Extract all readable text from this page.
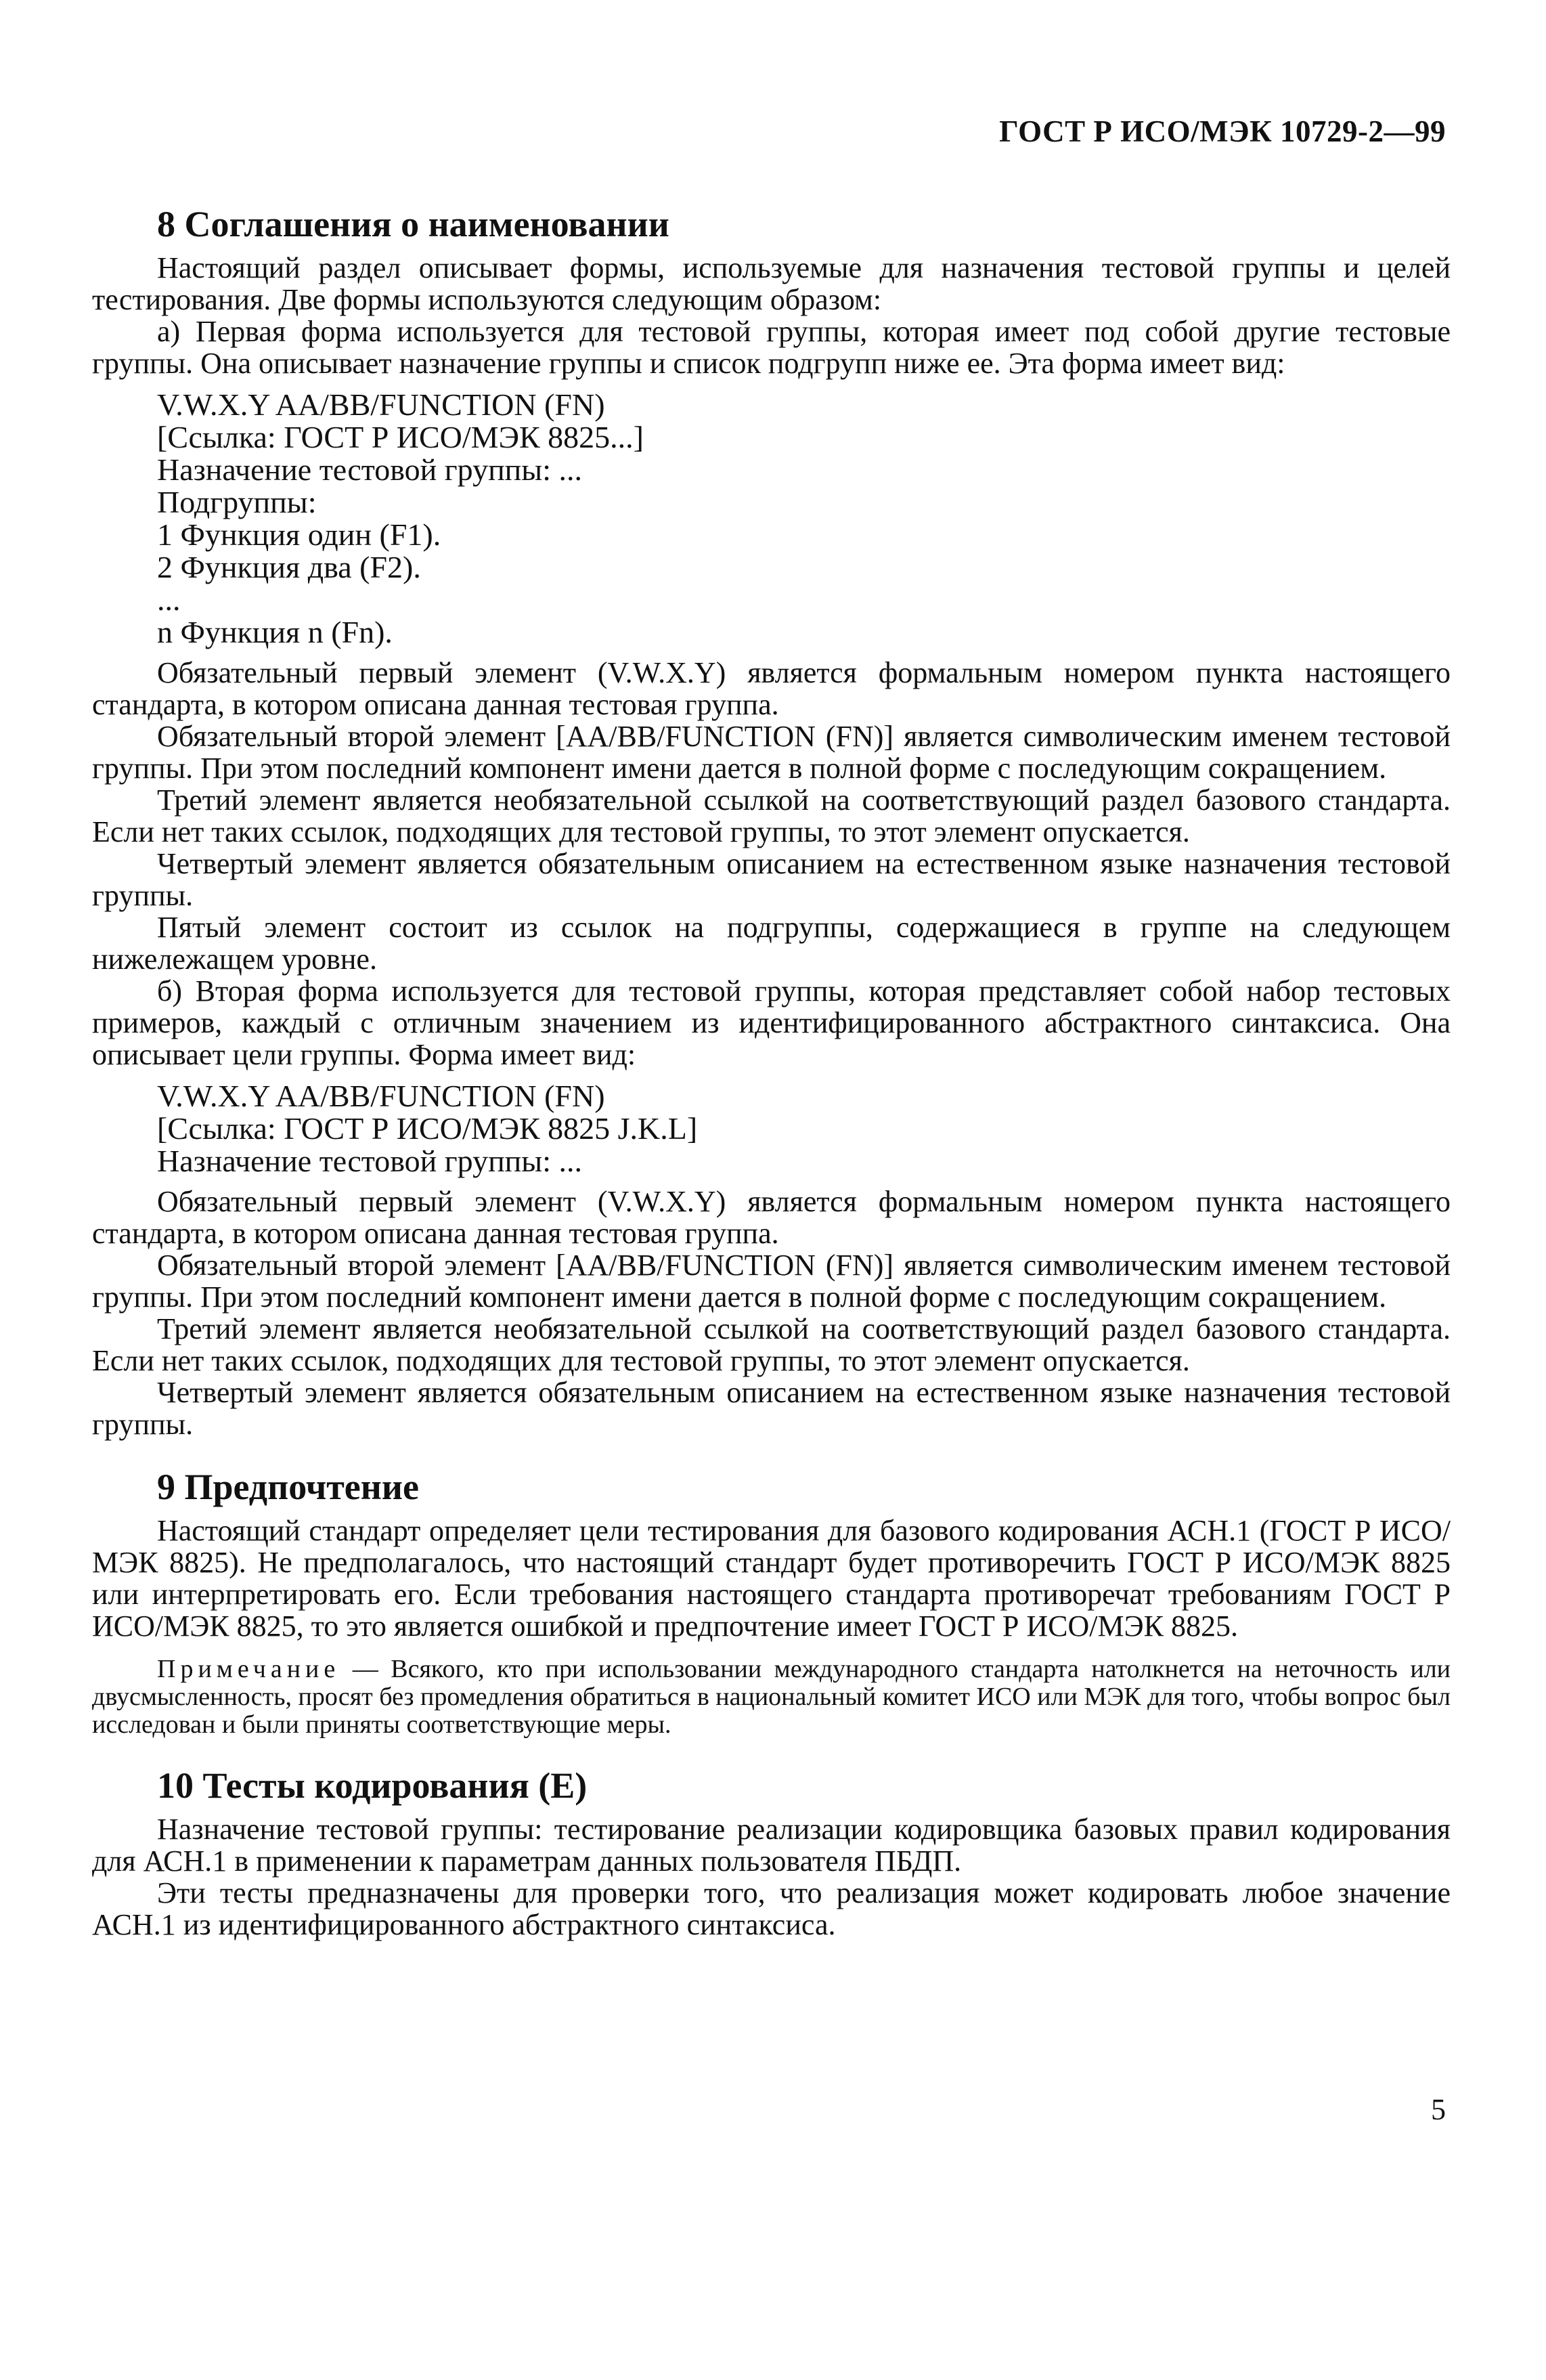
ГОСТ Р ИСО/МЭК 10729-2—99
8 Соглашения о наименовании

Настоящий раздел описывает формы, используемые для назначения тестовой группы и целей тестирования. Две формы используются следующим образом:

а) Первая форма используется для тестовой группы, которая имеет под собой другие тестовые группы. Она описывает назначение группы и список подгрупп ниже ее. Эта форма имеет вид:

V.W.X.Y AA/BB/FUNCTION (FN)
[Ссылка: ГОСТ Р ИСО/МЭК 8825...]
Назначение тестовой группы: ...
Подгруппы:
1 Функция один (F1).
2 Функция два (F2).
...
n Функция n (Fn).

Обязательный первый элемент (V.W.X.Y) является формальным номером пункта настоящего стандарта, в котором описана данная тестовая группа.

Обязательный второй элемент [AA/BB/FUNCTION (FN)] является символическим именем тестовой группы. При этом последний компонент имени дается в полной форме с последующим сокращением.

Третий элемент является необязательной ссылкой на соответствующий раздел базового стандарта. Если нет таких ссылок, подходящих для тестовой группы, то этот элемент опускается.

Четвертый элемент является обязательным описанием на естественном языке назначения тестовой группы.

Пятый элемент состоит из ссылок на подгруппы, содержащиеся в группе на следующем нижележащем уровне.

б) Вторая форма используется для тестовой группы, которая представляет собой набор тестовых примеров, каждый с отличным значением из идентифицированного абстрактного синтаксиса. Она описывает цели группы. Форма имеет вид:

V.W.X.Y AA/BB/FUNCTION (FN)
[Ссылка: ГОСТ Р ИСО/МЭК 8825 J.K.L]
Назначение тестовой группы: ...

Обязательный первый элемент (V.W.X.Y) является формальным номером пункта настоящего стандарта, в котором описана данная тестовая группа.

Обязательный второй элемент [AA/BB/FUNCTION (FN)] является символическим именем тестовой группы. При этом последний компонент имени дается в полной форме с последующим сокращением.

Третий элемент является необязательной ссылкой на соответствующий раздел базового стандарта. Если нет таких ссылок, подходящих для тестовой группы, то этот элемент опускается.

Четвертый элемент является обязательным описанием на естественном языке назначения тестовой группы.

9 Предпочтение

Настоящий стандарт определяет цели тестирования для базового кодирования АСН.1 (ГОСТ Р ИСО/МЭК 8825). Не предполагалось, что настоящий стандарт будет противоречить ГОСТ Р ИСО/МЭК 8825 или интерпретировать его. Если требования настоящего стандарта противоречат требованиям ГОСТ Р ИСО/МЭК 8825, то это является ошибкой и предпочтение имеет ГОСТ Р ИСО/МЭК 8825.

Примечание — Всякого, кто при использовании международного стандарта натолкнется на неточность или двусмысленность, просят без промедления обратиться в национальный комитет ИСО или МЭК для того, чтобы вопрос был исследован и были приняты соответствующие меры.
10 Тесты кодирования (E)

Назначение тестовой группы: тестирование реализации кодировщика базовых правил кодирования для АСН.1 в применении к параметрам данных пользователя ПБДП.

Эти тесты предназначены для проверки того, что реализация может кодировать любое значение АСН.1 из идентифицированного абстрактного синтаксиса.

5
